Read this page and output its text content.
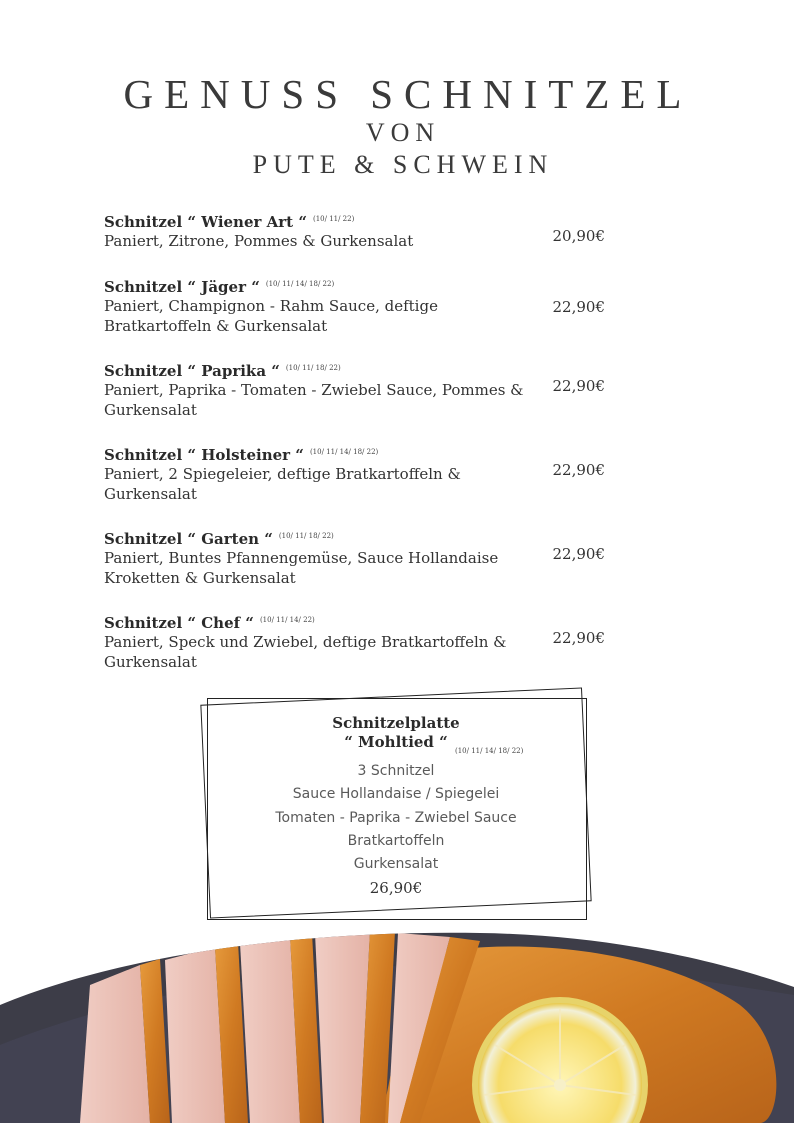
GENUSS SCHNITZEL
VON
PUTE & SCHWEIN
Schnitzel “ Wiener Art “ $^{(10/ 11/ 22)}$
Paniert, Zitrone, Pommes & Gurkensalat	20,90€
Schnitzel “ Jäger “ $^{(10/ 11/ 14/ 18/ 22)}$
Paniert, Champignon - Rahm Sauce, deftige Bratkartoffeln & Gurkensalat
22,90€
Schnitzel “ Paprika “ $^{(10/ 11/ 18/ 22)}$
Paniert, Paprika - Tomaten - Zwiebel Sauce, Pommes & Gurkensalat
22,90€
Schnitzel “ Holsteiner “ $^{(10/ 11/ 14/ 18/ 22)}$
Paniert, 2 Spiegeleier, deftige Bratkartoffeln & Gurkensalat
22,90€
Schnitzel “ Garten “ $^{(10/ 11/ 18/ 22)}$
Paniert, Buntes Pfannengemüse, Sauce Hollandaise Kroketten & Gurkensalat
22,90€
Schnitzel “ Chef “ $^{(10/ 11/ 14/ 22)}$
Paniert, Speck und Zwiebel, deftige Bratkartoffeln & Gurkensalat
22,90€
Schnitzelplatte
“ Mohltied “	(10/ 11/ 14/ 18/ 22)
3 Schnitzel
Sauce Hollandaise / Spiegelei
Tomaten - Paprika - Zwiebel Sauce
Bratkartoffeln
Gurkensalat
26,90€
